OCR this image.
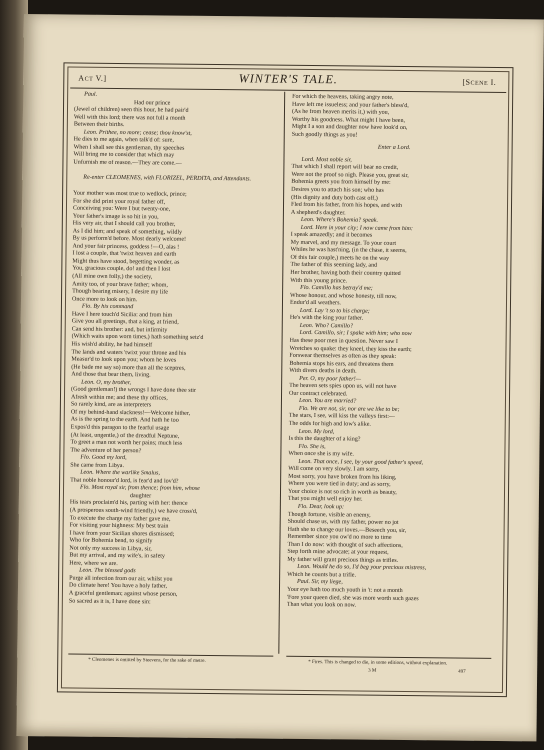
Act V.]	WINTER'S TALE.	[Scene I.
Paul.
Had our prince
(Jewel of children) seen this hour, he had pair'd
Well with this lord; there was not full a month
Between their births.
Leon. Prithee, no more; cease; thou know'st,
He dies to me again, when talk'd of: sure,
When I shall see this gentleman, thy speeches
Will bring me to consider that which may
Unfurnish me of reason.—They are come.—
Re-enter CLEOMENES, with FLORIZEL, PERDITA, and Attendants.
Your mother was most true to wedlock, prince;
For she did print your royal father off,
Conceiving you: Were I but twenty-one,
Your father's image is so hit in you,
His very air, that I should call you brother,
As I did him; and speak of something, wildly
By us perform'd before. Most dearly welcome!
And your fair princess, goddess !—O, alas !
I lost a couple, that 'twixt heaven and earth
Might thus have stood, begetting wonder, as
You, gracious couple, do! and then I lost
(All mine own folly,) the society,
Amity too, of your brave father; whom,
Though bearing misery, I desire my life
Once more to look on him.
Flo. By his command
Have I here touch'd Sicilia: and from him
Give you all greetings, that a king, at friend,
Can send his brother: and, but infirmity
(Which waits upon worn times,) hath something seiz'd
His wish'd ability, he had himself
The lands and waters 'twixt your throne and his
Measur'd to look upon you; whom he loves
(He bade me say so) more than all the sceptres,
And those that bear them, living.
Leon. O, my brother,
(Good gentleman!) the wrongs I have done thee stir
Afresh within me; and these thy offices,
So rarely kind, are as interpreters
Of my behind-hand slackness!—Welcome hither,
As is the spring to the earth. And hath he too
Expos'd this paragon to the fearful usage
(At least, ungentle,) of the dreadful Neptune,
To greet a man not worth her pains; much less
The adventure of her person?
Flo. Good my lord,
She came from Libya.
Leon. Where the warlike Smalus,
That noble honour'd lord, is fear'd and lov'd?
Flo. Most royal sir, from thence; from him, whose
daughter
His tears proclaim'd his, parting with her: thence
(A prosperous south-wind friendly,) we have cross'd,
To execute the charge my father gave me,
For visiting your highness: My best train
I have from your Sicilian shores dismissed;
Who for Bohemia bend, to signify
Not only my success in Libya, sir,
But my arrival, and my wife's, in safety
Here, where we are.
Leon. The blessed gods
Purge all infection from our air, whilst you
Do climate here! You have a holy father,
A graceful gentleman; against whose person,
So sacred as it is, I have done sin:
For which the heavens, taking angry note,
Have left me issueless; and your father's bless'd,
(As he from heaven merits it,) with you,
Worthy his goodness. What might I have been,
Might I a son and daughter now have look'd on,
Such goodly things as you!
Enter a Lord.
Lord. Most noble sir,
That which I shall report will bear no credit,
Were not the proof so nigh. Please you, great sir,
Bohemia greets you from himself by me:
Desires you to attach his son; who has
(His dignity and duty both cast off,)
Fled from his father, from his hopes, and with
A shepherd's daughter.
Leon. Where's Bohemia? speak.
Lord. Here in your city; I now came from him:
I speak amazedly; and it becomes
My marvel, and my message. To your court
Whiles he was hast'ning, (in the chase, it seems,
Of this fair couple,) meets he on the way
The father of this seeming lady, and
Her brother, having both their country quitted
With this young prince.
Flo. Camillo has betray'd me;
Whose honour, and whose honesty, till now,
Endur'd all weathers.
Lord. Lay 't so to his charge;
He's with the king your father.
Leon. Who? Camillo?
Lord. Camillo, sir; I spake with him; who now
Has these poor men in question. Never saw I
Wretches so quake: they kneel, they kiss the earth;
Forswear themselves as often as they speak:
Bohemia stops his ears, and threatens them
With divers deaths in death.
Per. O, my poor father!—
The heaven sets spies upon us, will not have
Our contract celebrated.
Leon. You are married?
Flo. We are not, sir, nor are we like to be;
The stars, I see, will kiss the valleys first:—
The odds for high and low's alike.
Leon. My lord,
Is this the daughter of a king?
Flo. She is,
When once she is my wife.
Leon. That once, I see, by your good father's speed,
Will come on very slowly. I am sorry,
Most sorry, you have broken from his liking,
Where you were tied in duty; and as sorry,
Your choice is not so rich in worth as beauty,
That you might well enjoy her.
Flo. Dear, look up:
Though fortune, visible an enemy,
Should chase us, with my father, power no jot
Hath she to change our loves.—Beseech you, sir,
Remember since you ow'd no more to time
Than I do now: with thought of such affections,
Step forth mine advocate; at your request,
My father will grant precious things as trifles.
Leon. Would he do so, I'd beg your precious mistress,
Which he counts but a trifle.
Paul. Sir, my liege,
Your eye hath too much youth in 't: not a month
'Fore your queen died, she was more worth such gazes
Than what you look on now.
* Cleomenes is omitted by Steevens, for the sake of metre.	* Fires. This is changed to die, in some editions, without explanation.
3 M	497
